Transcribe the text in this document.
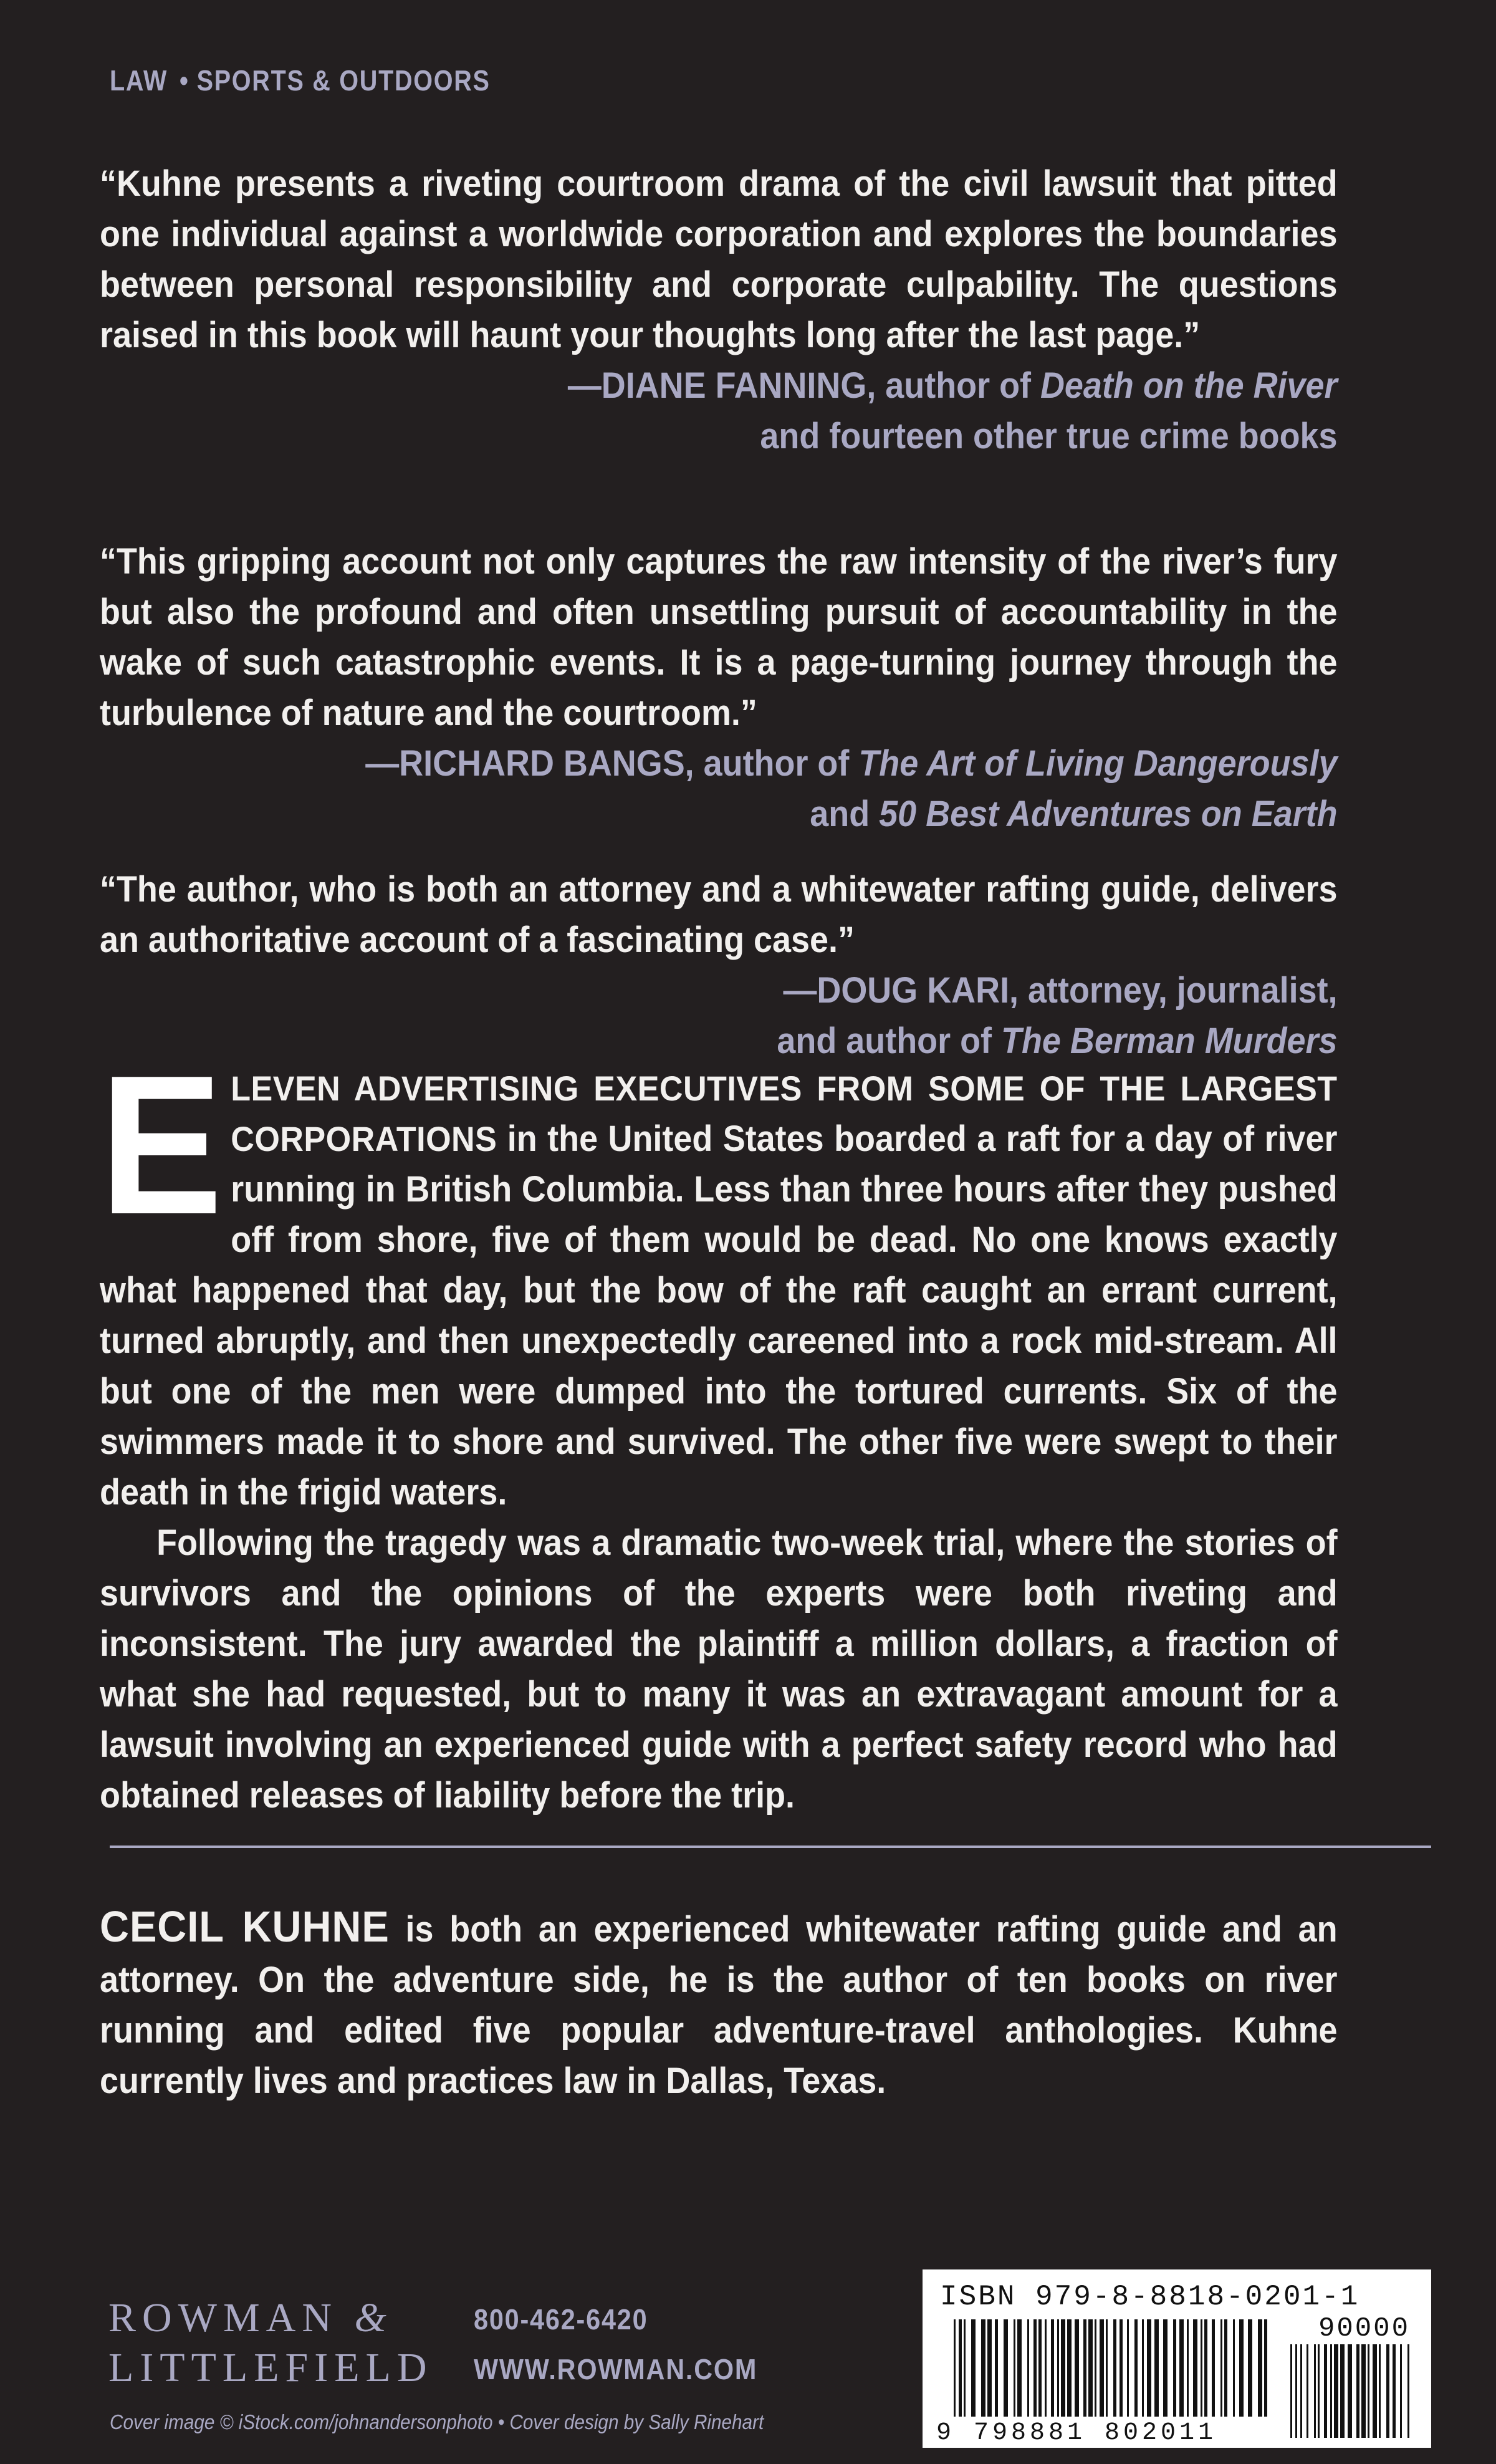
LAW • SPORTS & OUTDOORS
“Kuhne presents a riveting courtroom drama of the civil lawsuit that pitted one individual against a worldwide corporation and explores the boundaries between personal responsibility and corporate culpability. The questions raised in this book will haunt your thoughts long after the last page.”
—DIANE FANNING, author of Death on the River
and fourteen other true crime books
“This gripping account not only captures the raw intensity of the river’s fury but also the profound and often unsettling pursuit of accountability in the wake of such catastrophic events. It is a page-turning journey through the turbulence of nature and the courtroom.”
—RICHARD BANGS, author of The Art of Living Dangerously
and 50 Best Adventures on Earth
“The author, who is both an attorney and a whitewater rafting guide, delivers an authoritative account of a fascinating case.”
—DOUG KARI, attorney, journalist,
and author of The Berman Murders

ELEVEN ADVERTISING EXECUTIVES FROM SOME OF THE LARGEST CORPORATIONS in the United States boarded a raft for a day of river running in British Columbia. Less than three hours after they pushed off from shore, five of them would be dead. No one knows exactly what happened that day, but the bow of the raft caught an errant current, turned abruptly, and then unexpectedly careened into a rock mid-stream. All but one of the men were dumped into the tortured currents. Six of the swimmers made it to shore and survived. The other five were swept to their death in the frigid waters.

Following the tragedy was a dramatic two-week trial, where the stories of survivors and the opinions of the experts were both riveting and inconsistent. The jury awarded the plaintiff a million dollars, a fraction of what she had requested, but to many it was an extravagant amount for a lawsuit involving an experienced guide with a perfect safety record who had obtained releases of liability before the trip.

CECIL KUHNE is both an experienced whitewater rafting guide and an attorney. On the adventure side, he is the author of ten books on river running and edited five popular adventure-travel anthologies. Kuhne currently lives and practices law in Dallas, Texas.
ROWMAN &
LITTLEFIELD
800-462-6420
WWW.ROWMAN.COM
Cover image © iStock.com/johnandersonphoto • Cover design by Sally Rinehart
ISBN 979-8-8818-0201-1
90000
9 798881 802011
